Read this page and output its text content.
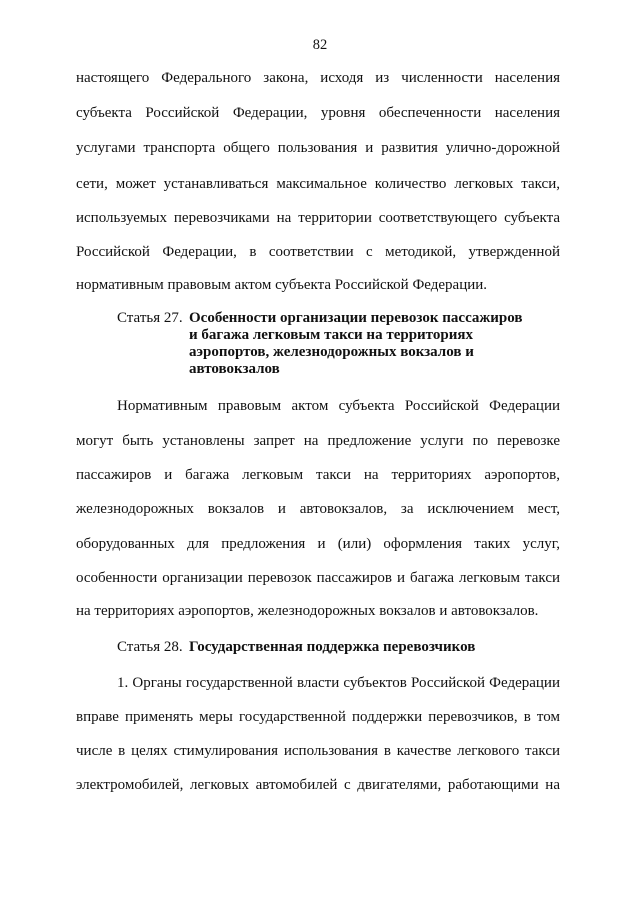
82
настоящего Федерального закона, исходя из численности населения
субъекта Российской Федерации, уровня обеспеченности населения
услугами транспорта общего пользования и развития улично-дорожной
сети, может устанавливаться максимальное количество легковых такси,
используемых перевозчиками на территории соответствующего субъекта
Российской Федерации, в соответствии с методикой, утвержденной
нормативным правовым актом субъекта Российской Федерации.
Статья 27. Особенности организации перевозок пассажиров
и багажа легковым такси на территориях
аэропортов, железнодорожных вокзалов и
автовокзалов
Нормативным правовым актом субъекта Российской Федерации
могут быть установлены запрет на предложение услуги по перевозке
пассажиров и багажа легковым такси на территориях аэропортов,
железнодорожных вокзалов и автовокзалов, за исключением мест,
оборудованных для предложения и (или) оформления таких услуг,
особенности организации перевозок пассажиров и багажа легковым такси
на территориях аэропортов, железнодорожных вокзалов и автовокзалов.
Статья 28. Государственная поддержка перевозчиков
1. Органы государственной власти субъектов Российской Федерации
вправе применять меры государственной поддержки перевозчиков, в том
числе в целях стимулирования использования в качестве легкового такси
электромобилей, легковых автомобилей с двигателями, работающими на
